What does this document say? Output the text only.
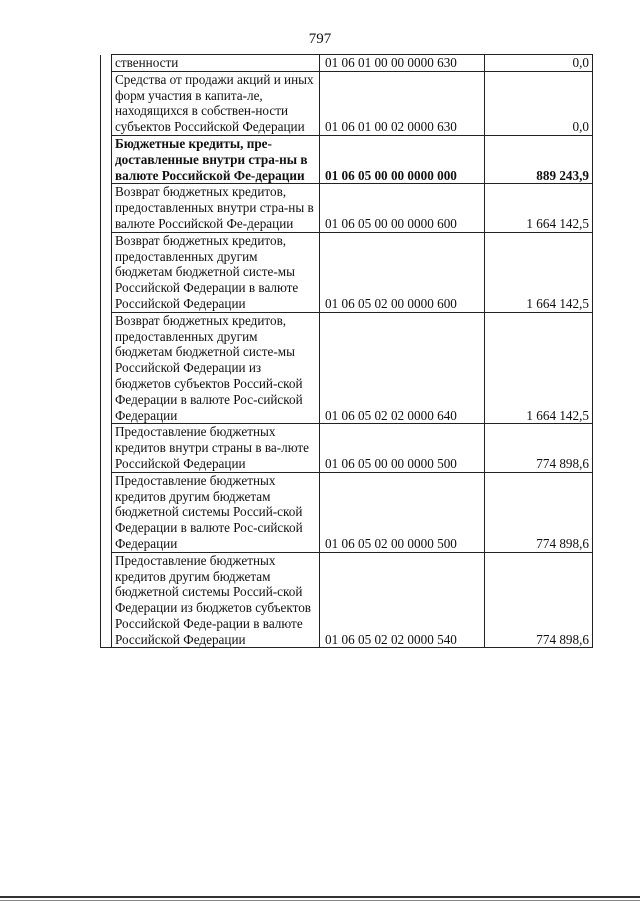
797
	ственности	01 06 01 00 00 0000 630	0,0
	Средства от продажи акций и иных форм участия в капита-ле, находящихся в собствен-ности субъектов Российской Федерации	01 06 01 00 02 0000 630	0,0
	Бюджетные кредиты, пре-доставленные внутри стра-ны в валюте Российской Фе-дерации	01 06 05 00 00 0000 000	889 243,9
	Возврат бюджетных кредитов, предоставленных внутри стра-ны в валюте Российской Фе-дерации	01 06 05 00 00 0000 600	1 664 142,5
	Возврат бюджетных кредитов, предоставленных другим бюджетам бюджетной систе-мы Российской Федерации в валюте Российской Федерации	01 06 05 02 00 0000 600	1 664 142,5
	Возврат бюджетных кредитов, предоставленных другим бюджетам бюджетной систе-мы Российской Федерации из бюджетов субъектов Россий-ской Федерации в валюте Рос-сийской Федерации	01 06 05 02 02 0000 640	1 664 142,5
	Предоставление бюджетных кредитов внутри страны в ва-люте Российской Федерации	01 06 05 00 00 0000 500	774 898,6
	Предоставление бюджетных кредитов другим бюджетам бюджетной системы Россий-ской Федерации в валюте Рос-сийской Федерации	01 06 05 02 00 0000 500	774 898,6
	Предоставление бюджетных кредитов другим бюджетам бюджетной системы Россий-ской Федерации из бюджетов субъектов Российской Феде-рации в валюте Российской Федерации	01 06 05 02 02 0000 540	774 898,6
